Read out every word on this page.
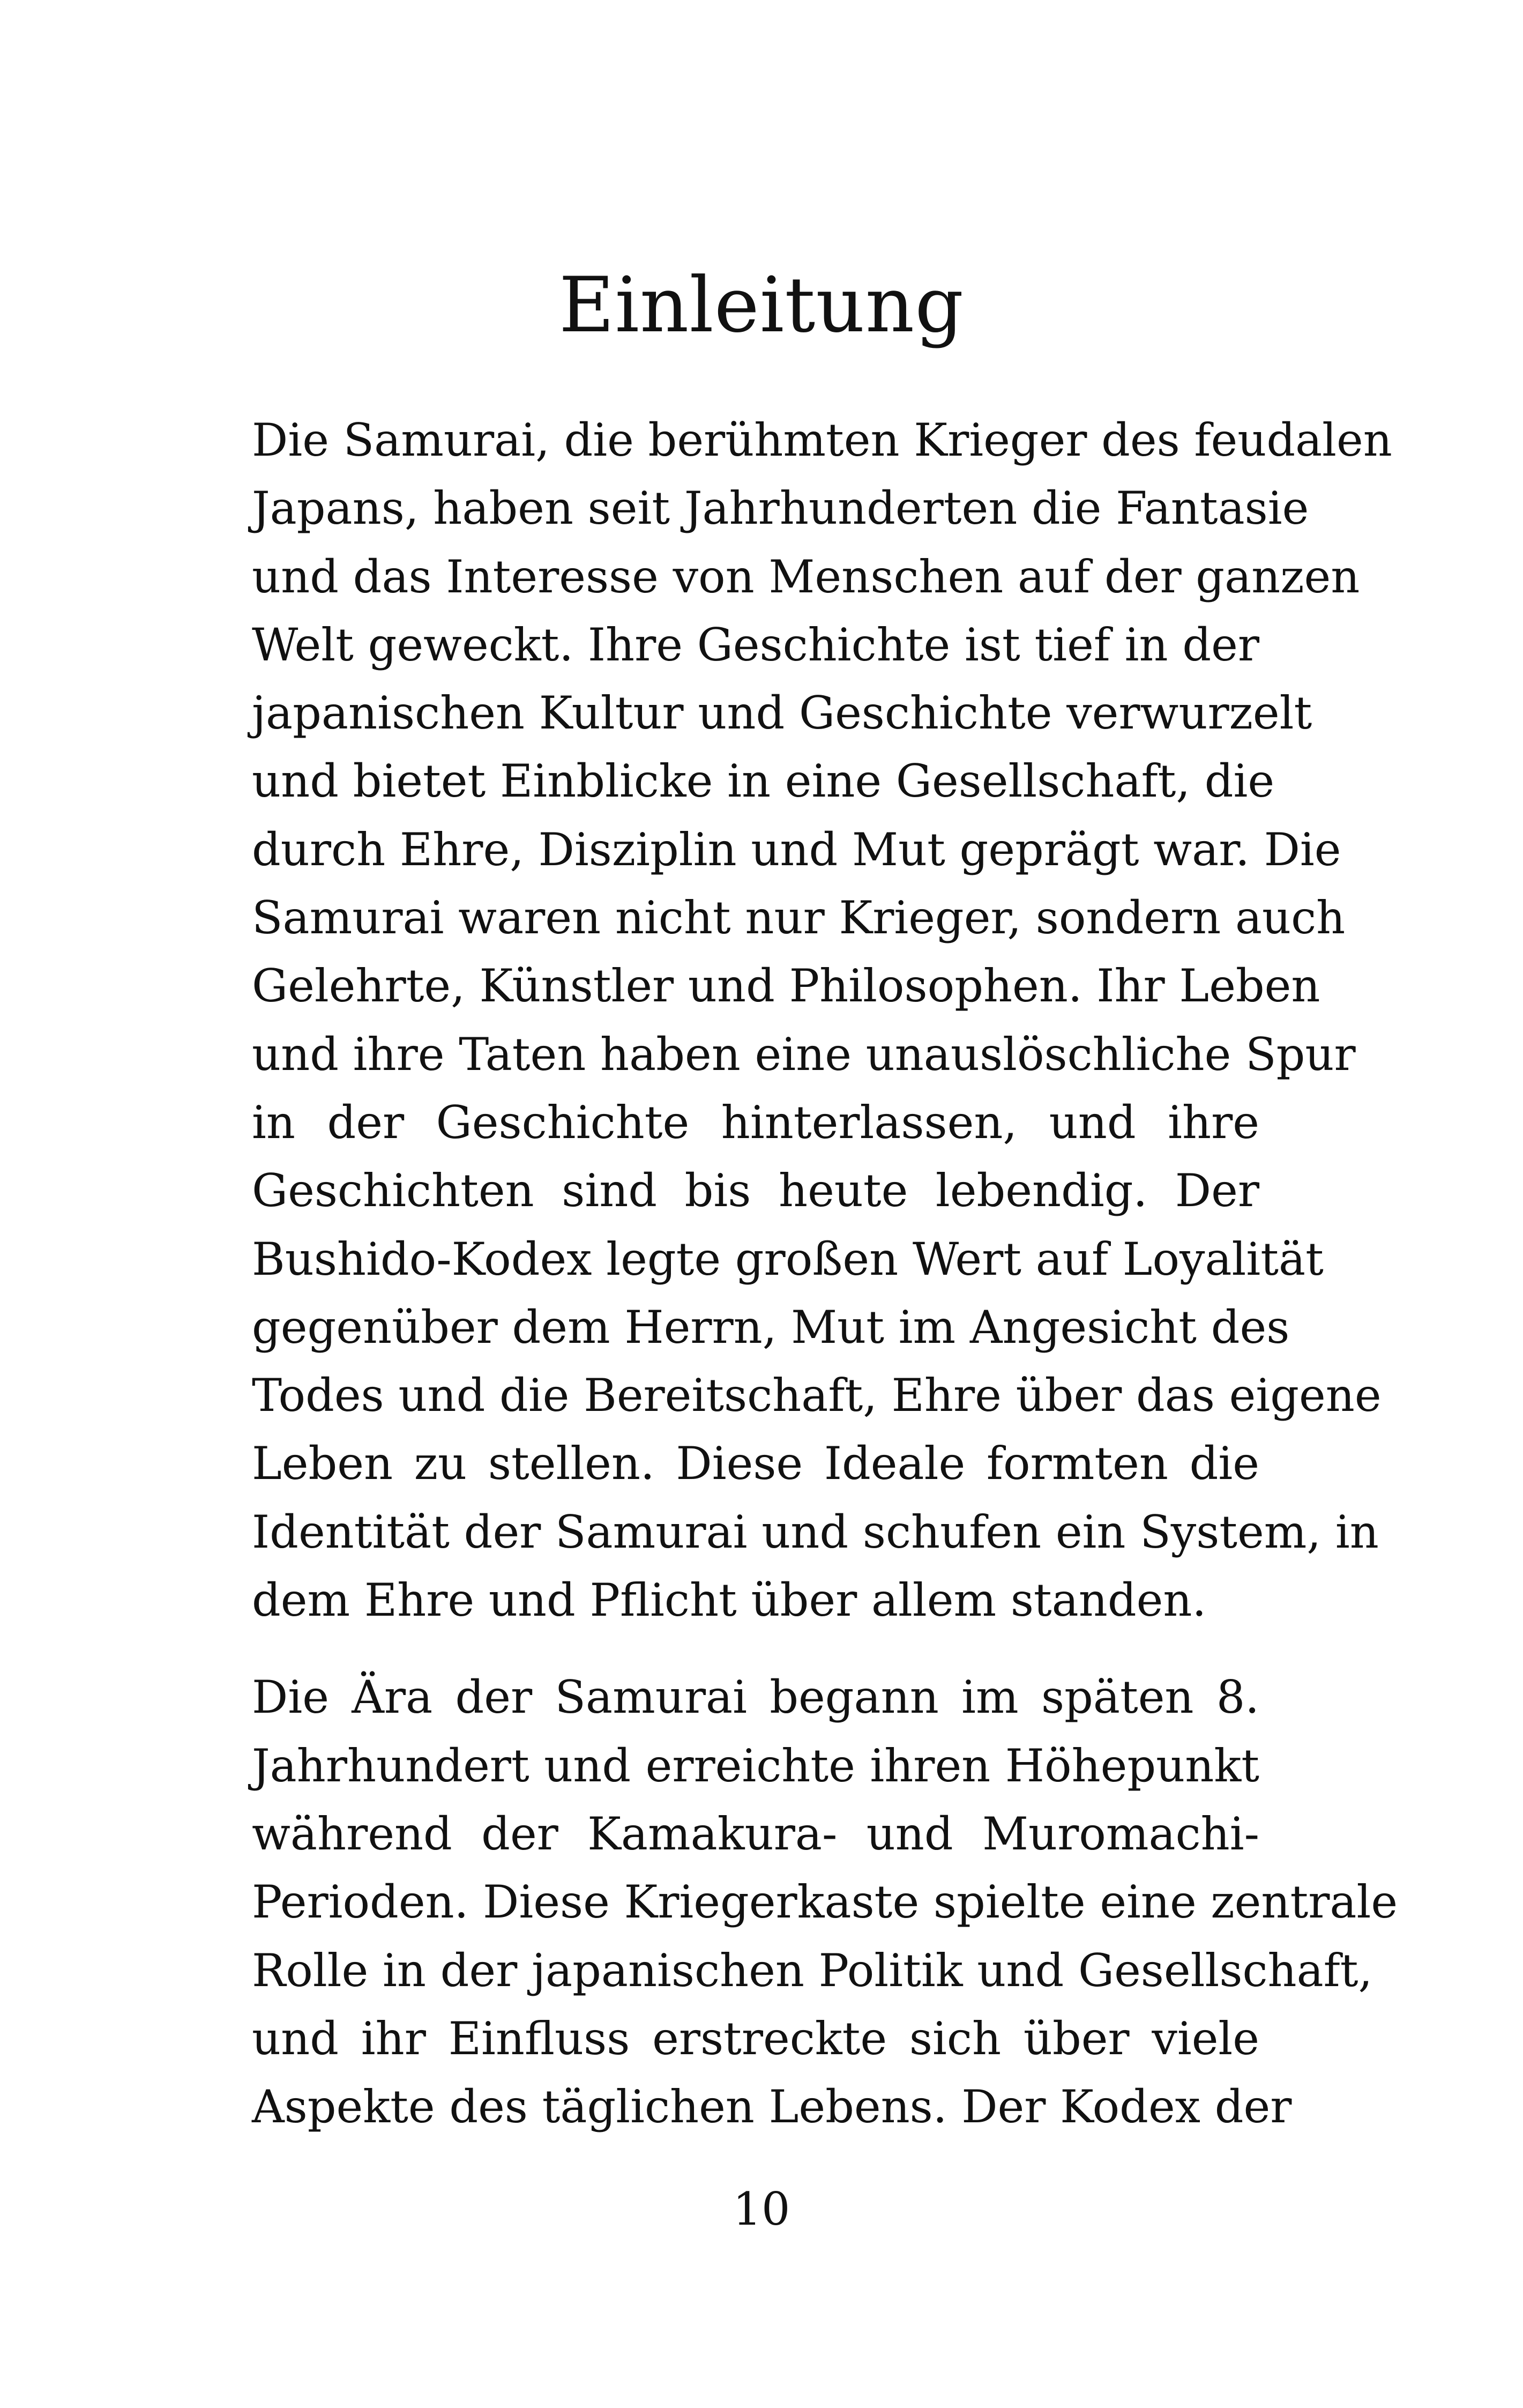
Einleitung

Die Samurai, die berühmten Krieger des feudalen
Japans, haben seit Jahrhunderten die Fantasie
und das Interesse von Menschen auf der ganzen
Welt geweckt. Ihre Geschichte ist tief in der
japanischen Kultur und Geschichte verwurzelt
und bietet Einblicke in eine Gesellschaft, die
durch Ehre, Disziplin und Mut geprägt war. Die
Samurai waren nicht nur Krieger, sondern auch
Gelehrte, Künstler und Philosophen. Ihr Leben
und ihre Taten haben eine unauslöschliche Spur
in der Geschichte hinterlassen, und ihre
Geschichten sind bis heute lebendig. Der
Bushido-Kodex legte großen Wert auf Loyalität
gegenüber dem Herrn, Mut im Angesicht des
Todes und die Bereitschaft, Ehre über das eigene
Leben zu stellen. Diese Ideale formten die
Identität der Samurai und schufen ein System, in
dem Ehre und Pflicht über allem standen.

Die Ära der Samurai begann im späten 8.
Jahrhundert und erreichte ihren Höhepunkt
während der Kamakura- und Muromachi-
Perioden. Diese Kriegerkaste spielte eine zentrale
Rolle in der japanischen Politik und Gesellschaft,
und ihr Einfluss erstreckte sich über viele
Aspekte des täglichen Lebens. Der Kodex der

10
